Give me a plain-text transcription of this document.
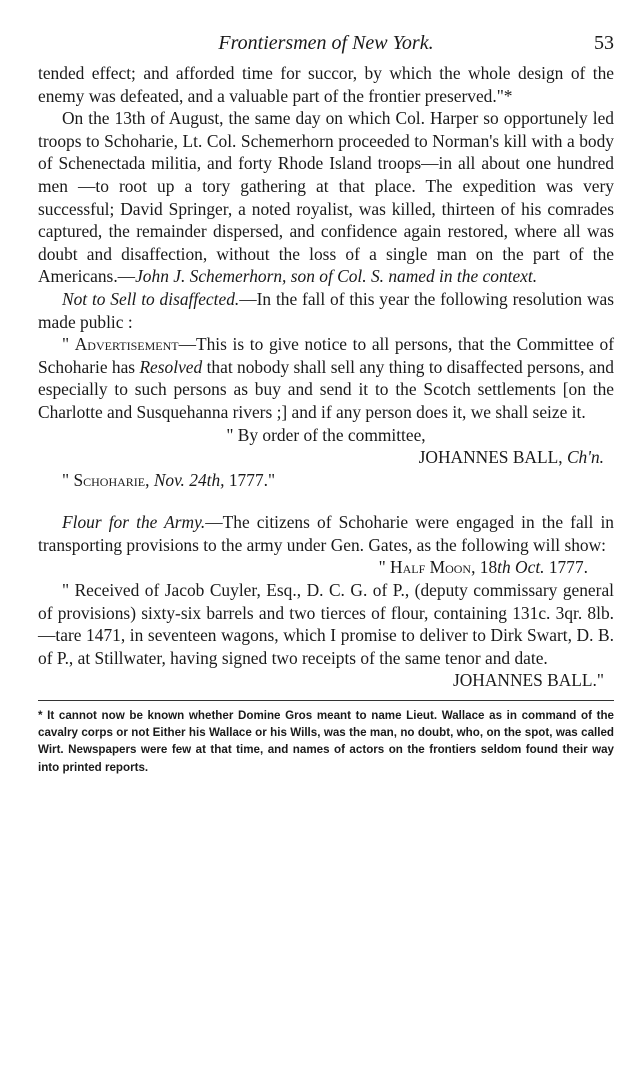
Frontiersmen of New York.	53

tended effect; and afforded time for succor, by which the whole design of the enemy was defeated, and a valuable part of the frontier preserved."*

On the 13th of August, the same day on which Col. Harper so opportunely led troops to Schoharie, Lt. Col. Schemerhorn proceeded to Norman's kill with a body of Schenectada militia, and forty Rhode Island troops—in all about one hundred men —to root up a tory gathering at that place. The expedition was very successful; David Springer, a noted royalist, was killed, thirteen of his comrades captured, the remainder dispersed, and confidence again restored, where all was doubt and disaffection, without the loss of a single man on the part of the Americans.—John J. Schemerhorn, son of Col. S. named in the context.

Not to Sell to disaffected.—In the fall of this year the following resolution was made public :

" Advertisement—This is to give notice to all persons, that the Committee of Schoharie has Resolved that nobody shall sell any thing to disaffected persons, and especially to such persons as buy and send it to the Scotch settlements [on the Charlotte and Susquehanna rivers ;] and if any person does it, we shall seize it.

" By order of the committee,

JOHANNES BALL, Ch'n.

" Schoharie, Nov. 24th, 1777."

Flour for the Army.—The citizens of Schoharie were engaged in the fall in transporting provisions to the army under Gen. Gates, as the following will show:

" Half Moon, 18th Oct. 1777.

" Received of Jacob Cuyler, Esq., D. C. G. of P., (deputy commissary general of provisions) sixty-six barrels and two tierces of flour, containing 131c. 3qr. 8lb.—tare 1471, in seventeen wagons, which I promise to deliver to Dirk Swart, D. B. of P., at Stillwater, having signed two receipts of the same tenor and date.

JOHANNES BALL."

* It cannot now be known whether Domine Gros meant to name Lieut. Wallace as in command of the cavalry corps or not Either his Wallace or his Wills, was the man, no doubt, who, on the spot, was called Wirt. Newspapers were few at that time, and names of actors on the frontiers seldom found their way into printed reports.
